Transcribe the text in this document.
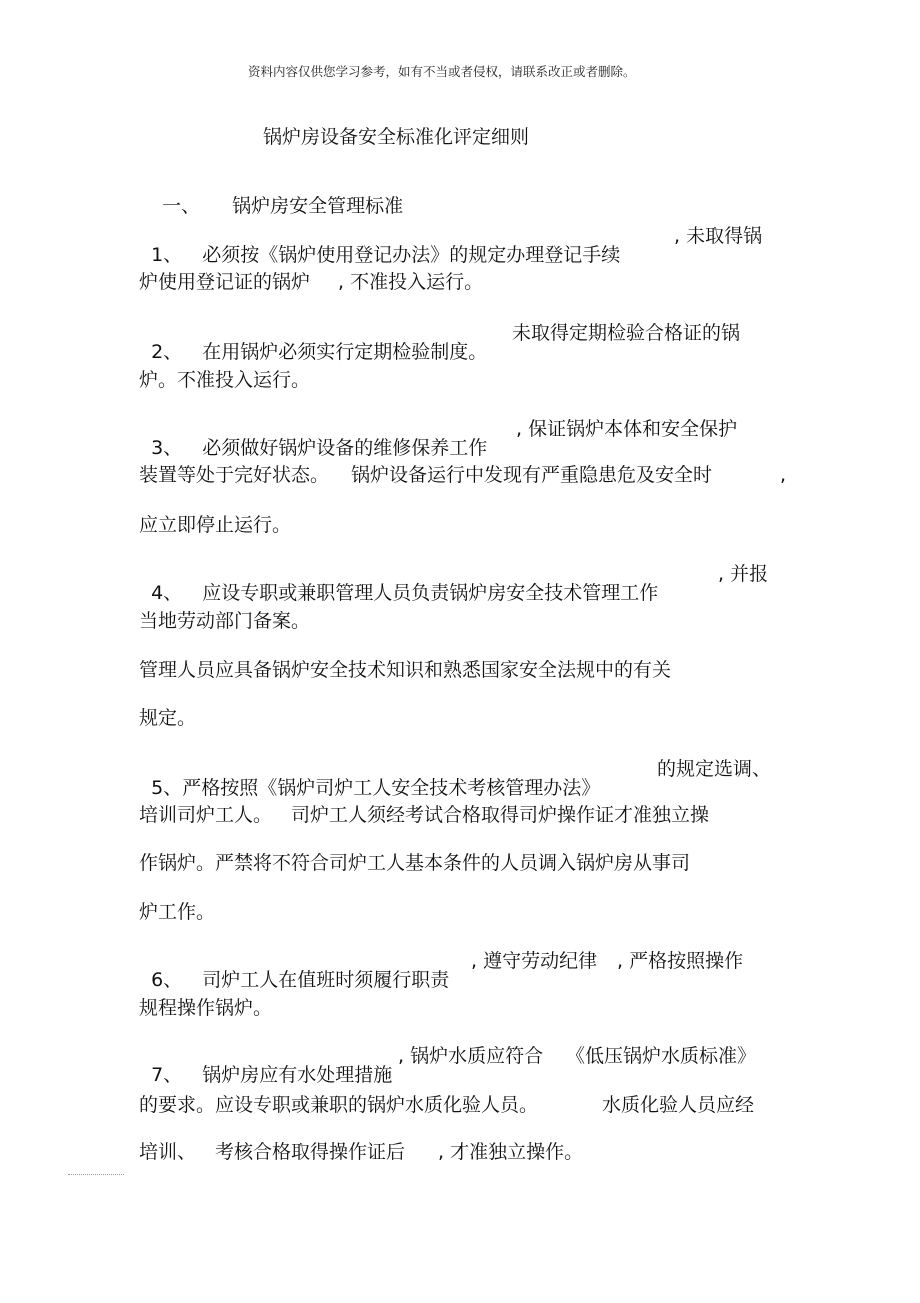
资料内容仅供您学习参考，如有不当或者侵权，请联系改正或者删除。
锅炉房设备安全标准化评定细则

一、 锅炉房安全管理标准

1、 必须按《锅炉使用登记办法》的规定办理登记手续

, 未取得锅
炉使用登记证的锅炉 , 不准投入运行。

2、 在用锅炉必须实行定期检验制度。

未取得定期检验合格证的锅
炉。不准投入运行。

3、 必须做好锅炉设备的维修保养工作

, 保证锅炉本体和安全保护
装置等处于完好状态。 锅炉设备运行中发现有严重隐患危及安全时	,
应立即停止运行。

4、 应设专职或兼职管理人员负责锅炉房安全技术管理工作

, 并报
当地劳动部门备案。
管理人员应具备锅炉安全技术知识和熟悉国家安全法规中的有关
规定。

5、严格按照《锅炉司炉工人安全技术考核管理办法》

的规定选调、
培训司炉工人。 司炉工人须经考试合格取得司炉操作证才准独立操
作锅炉。严禁将不符合司炉工人基本条件的人员调入锅炉房从事司
炉工作。

6、 司炉工人在值班时须履行职责

, 遵守劳动纪律 , 严格按照操作
规程操作锅炉。

7、 锅炉房应有水处理措施

, 锅炉水质应符合 《低压锅炉水质标准》
的要求。应设专职或兼职的锅炉水质化验人员。	水质化验人员应经
培训、 考核合格取得操作证后 , 才准独立操作。
